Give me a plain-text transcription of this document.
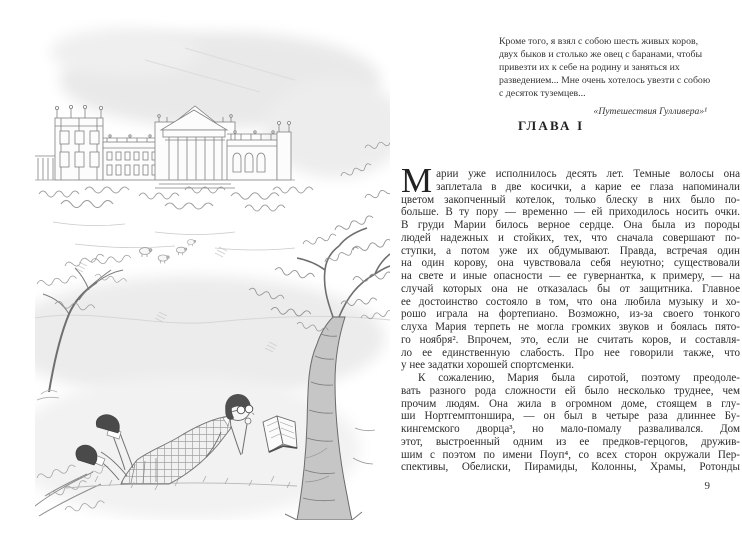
Кроме того, я взял с собою шесть живых коров,
двух быков и столько же овец с баранами, чтобы
привезти их к себе на родину и заняться их
разведением... Мне очень хотелось увезти с собою
с десяток туземцев...
«Путешествия Гулливера»¹
ГЛАВА I
М арии уже исполнилось десять лет. Темные волосы она
заплетала в две косички, а карие ее глаза напоминали
цветом закопченный котелок, только блеску в них было по-
больше. В ту пору — временно — ей приходилось носить очки.
В груди Марии билось верное сердце. Она была из породы
людей надежных и стойких, тех, что сначала совершают по-
ступки, а потом уже их обдумывают. Правда, встречая один
на один корову, она чувствовала себя неуютно; существовали
на свете и иные опасности — ее гувернантка, к примеру, — на
случай которых она не отказалась бы от защитника. Главное
ее достоинство состояло в том, что она любила музыку и хо-
рошо играла на фортепиано. Возможно, из-за своего тонкого
слуха Мария терпеть не могла громких звуков и боялась пято-
го ноября². Впрочем, это, если не считать коров, и составля-
ло ее единственную слабость. Про нее говорили также, что
у нее задатки хорошей спортсменки.
К сожалению, Мария была сиротой, поэтому преодоле-
вать разного рода сложности ей было несколько труднее, чем
прочим людям. Она жила в огромном доме, стоящем в глу-
ши Нортгемптоншира, — он был в четыре раза длиннее Бу-
кингемского дворца³, но мало-помалу разваливался. Дом
этот, выстроенный одним из ее предков-герцогов, дружив-
шим с поэтом по имени Поуп⁴, со всех сторон окружали Пер-
спективы, Обелиски, Пирамиды, Колонны, Храмы, Ротонды
9
